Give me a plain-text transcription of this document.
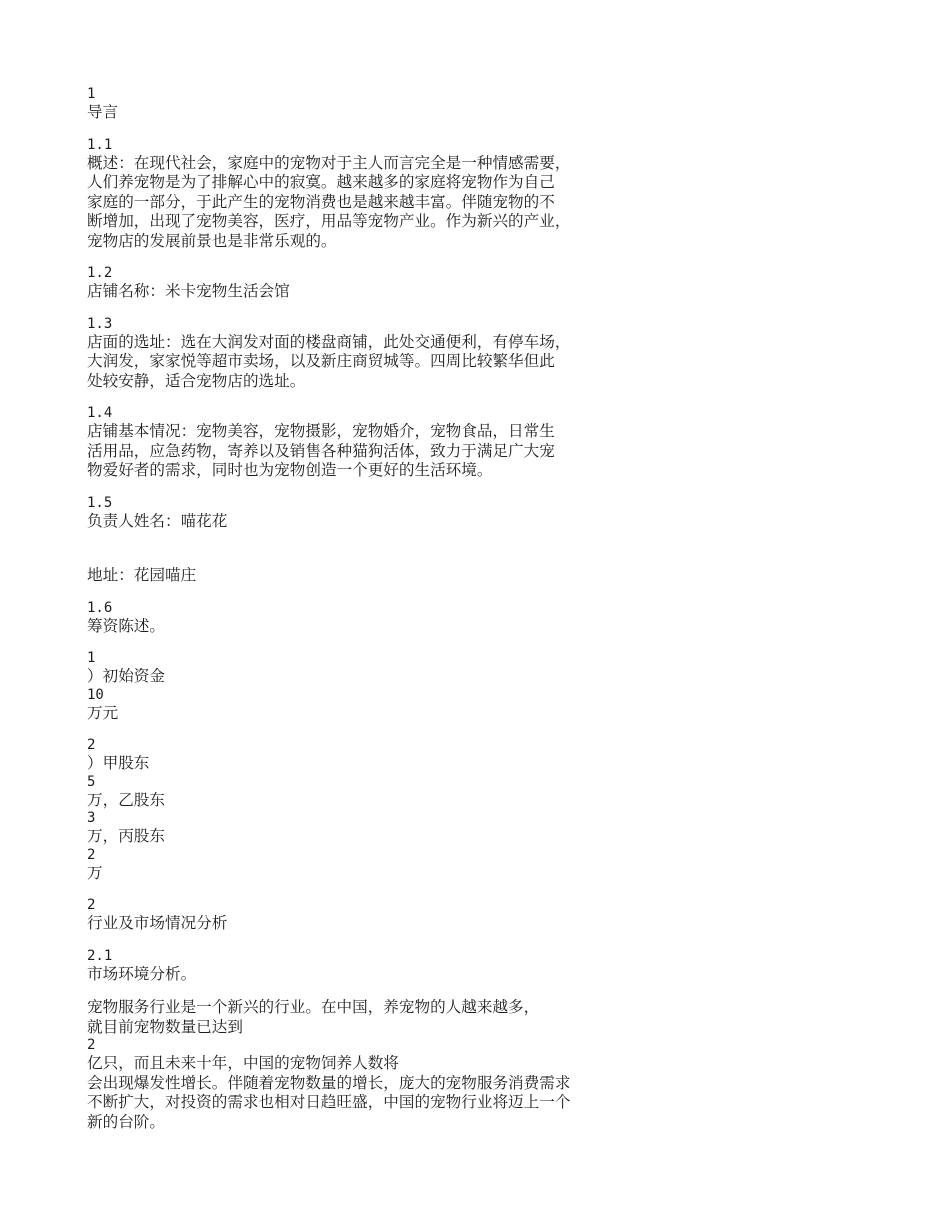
1
导言
1.1
概述：在现代社会，家庭中的宠物对于主人而言完全是一种情感需要，
人们养宠物是为了排解心中的寂寞。越来越多的家庭将宠物作为自己
家庭的一部分，于此产生的宠物消费也是越来越丰富。伴随宠物的不
断增加，出现了宠物美容，医疗，用品等宠物产业。作为新兴的产业，
宠物店的发展前景也是非常乐观的。
1.2
店铺名称：米卡宠物生活会馆
1.3
店面的选址：选在大润发对面的楼盘商铺，此处交通便利，有停车场，
大润发，家家悦等超市卖场，以及新庄商贸城等。四周比较繁华但此
处较安静，适合宠物店的选址。
1.4
店铺基本情况：宠物美容，宠物摄影，宠物婚介，宠物食品，日常生
活用品，应急药物，寄养以及销售各种猫狗活体，致力于满足广大宠
物爱好者的需求，同时也为宠物创造一个更好的生活环境。
1.5
负责人姓名：喵花花
地址：花园喵庄
1.6
筹资陈述。
1
）初始资金
10
万元
2
）甲股东
5
万，乙股东
3
万，丙股东
2
万
2
行业及市场情况分析
2.1
市场环境分析。
宠物服务行业是一个新兴的行业。在中国，养宠物的人越来越多，
就目前宠物数量已达到
2
亿只，而且未来十年，中国的宠物饲养人数将
会出现爆发性增长。伴随着宠物数量的增长，庞大的宠物服务消费需求
不断扩大，对投资的需求也相对日趋旺盛，中国的宠物行业将迈上一个
新的台阶。
